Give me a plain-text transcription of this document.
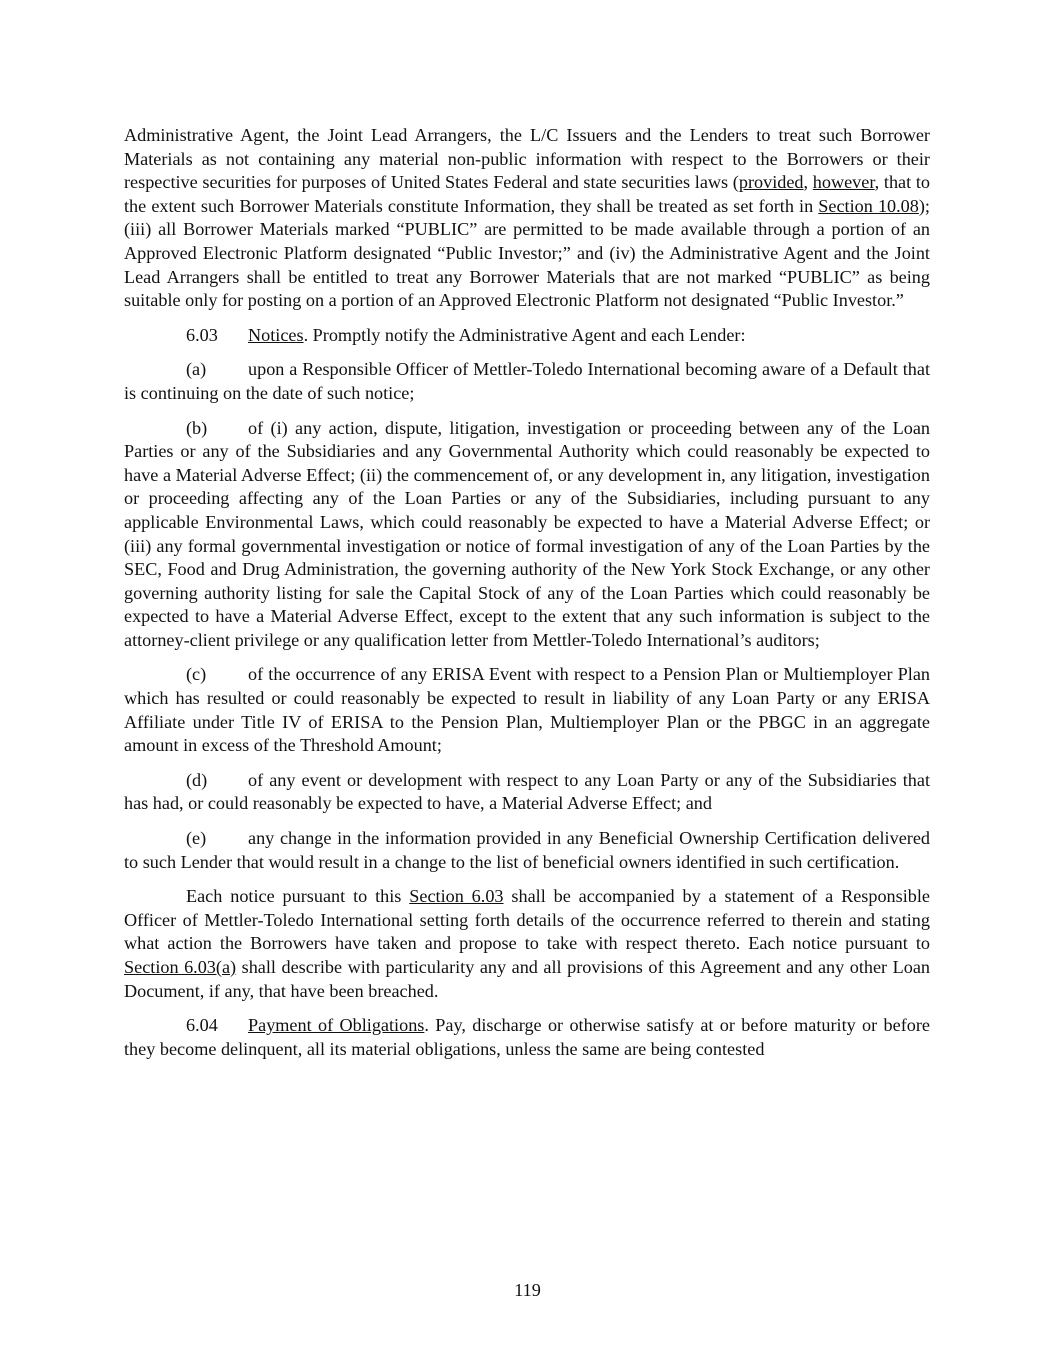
Administrative Agent, the Joint Lead Arrangers, the L/C Issuers and the Lenders to treat such Borrower Materials as not containing any material non-public information with respect to the Borrowers or their respective securities for purposes of United States Federal and state securities laws (provided, however, that to the extent such Borrower Materials constitute Information, they shall be treated as set forth in Section 10.08); (iii) all Borrower Materials marked “PUBLIC” are permitted to be made available through a portion of an Approved Electronic Platform designated “Public Investor;” and (iv) the Administrative Agent and the Joint Lead Arrangers shall be entitled to treat any Borrower Materials that are not marked “PUBLIC” as being suitable only for posting on a portion of an Approved Electronic Platform not designated “Public Investor.”

6.03 Notices. Promptly notify the Administrative Agent and each Lender:

(a) upon a Responsible Officer of Mettler-Toledo International becoming aware of a Default that is continuing on the date of such notice;

(b) of (i) any action, dispute, litigation, investigation or proceeding between any of the Loan Parties or any of the Subsidiaries and any Governmental Authority which could reasonably be expected to have a Material Adverse Effect; (ii) the commencement of, or any development in, any litigation, investigation or proceeding affecting any of the Loan Parties or any of the Subsidiaries, including pursuant to any applicable Environmental Laws, which could reasonably be expected to have a Material Adverse Effect; or (iii) any formal governmental investigation or notice of formal investigation of any of the Loan Parties by the SEC, Food and Drug Administration, the governing authority of the New York Stock Exchange, or any other governing authority listing for sale the Capital Stock of any of the Loan Parties which could reasonably be expected to have a Material Adverse Effect, except to the extent that any such information is subject to the attorney-client privilege or any qualification letter from Mettler-Toledo International’s auditors;

(c) of the occurrence of any ERISA Event with respect to a Pension Plan or Multiemployer Plan which has resulted or could reasonably be expected to result in liability of any Loan Party or any ERISA Affiliate under Title IV of ERISA to the Pension Plan, Multiemployer Plan or the PBGC in an aggregate amount in excess of the Threshold Amount;

(d) of any event or development with respect to any Loan Party or any of the Subsidiaries that has had, or could reasonably be expected to have, a Material Adverse Effect; and

(e) any change in the information provided in any Beneficial Ownership Certification delivered to such Lender that would result in a change to the list of beneficial owners identified in such certification.

Each notice pursuant to this Section 6.03 shall be accompanied by a statement of a Responsible Officer of Mettler-Toledo International setting forth details of the occurrence referred to therein and stating what action the Borrowers have taken and propose to take with respect thereto. Each notice pursuant to Section 6.03(a) shall describe with particularity any and all provisions of this Agreement and any other Loan Document, if any, that have been breached.

6.04 Payment of Obligations. Pay, discharge or otherwise satisfy at or before maturity or before they become delinquent, all its material obligations, unless the same are being contested

119
